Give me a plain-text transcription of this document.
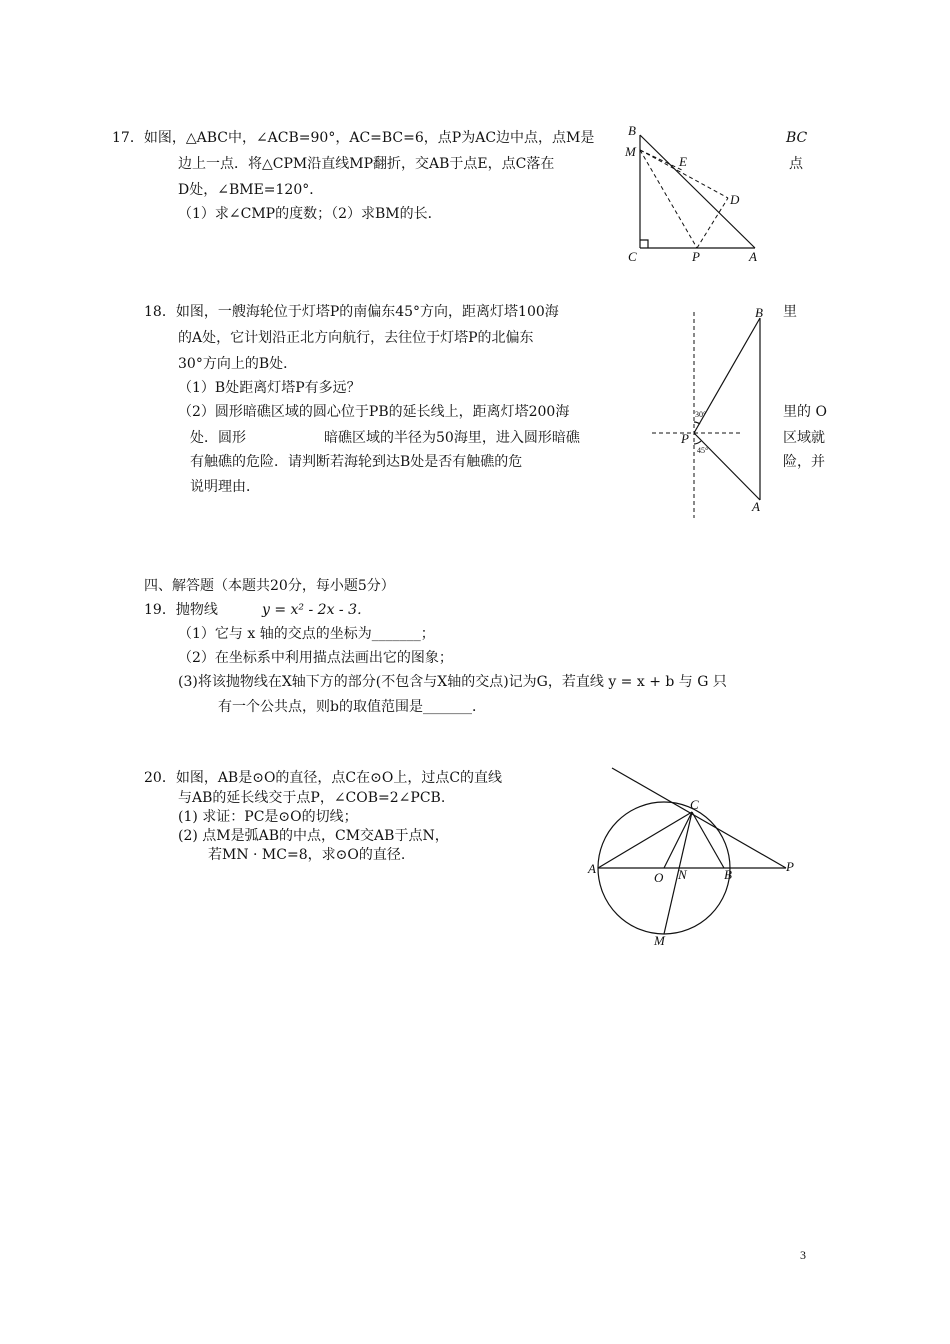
17．如图，△ABC中，∠ACB=90°，AC=BC=6，点P为AC边中点，点M是
边上一点．将△CPM沿直线MP翻折，交AB于点E，点C落在
D处，∠BME=120°．
（1）求∠CMP的度数；（2）求BM的长．
BC
点
B
M
E
D
C	P	A
18．如图，一艘海轮位于灯塔P的南偏东45°方向，距离灯塔100海
的A处，它计划沿正北方向航行，去往位于灯塔P的北偏东
30°方向上的B处．
（1）B处距离灯塔P有多远？
（2）圆形暗礁区域的圆心位于PB的延长线上，距离灯塔200海
处．圆形	暗礁区域的半径为50海里，进入圆形暗礁
有触礁的危险．请判断若海轮到达B处是否有触礁的危
说明理由．
里
里的 O
区域就
险，并
B
P
A
30°
45°
四、解答题（本题共20分，每小题5分）
19．抛物线	y = x² - 2x - 3．
（1）它与 x 轴的交点的坐标为_______；
（2）在坐标系中利用描点法画出它的图象；
(3)将该抛物线在X轴下方的部分(不包含与X轴的交点)记为G，若直线 y = x + b 与 G 只
有一个公共点，则b的取值范围是_______．
20．如图，AB是⊙O的直径，点C在⊙O上，过点C的直线
与AB的延长线交于点P，∠COB=2∠PCB.
(1) 求证：PC是⊙O的切线；
(2) 点M是弧AB的中点，CM交AB于点N，
若MN · MC=8，求⊙O的直径.
C
A
O N	B
P
M
3
